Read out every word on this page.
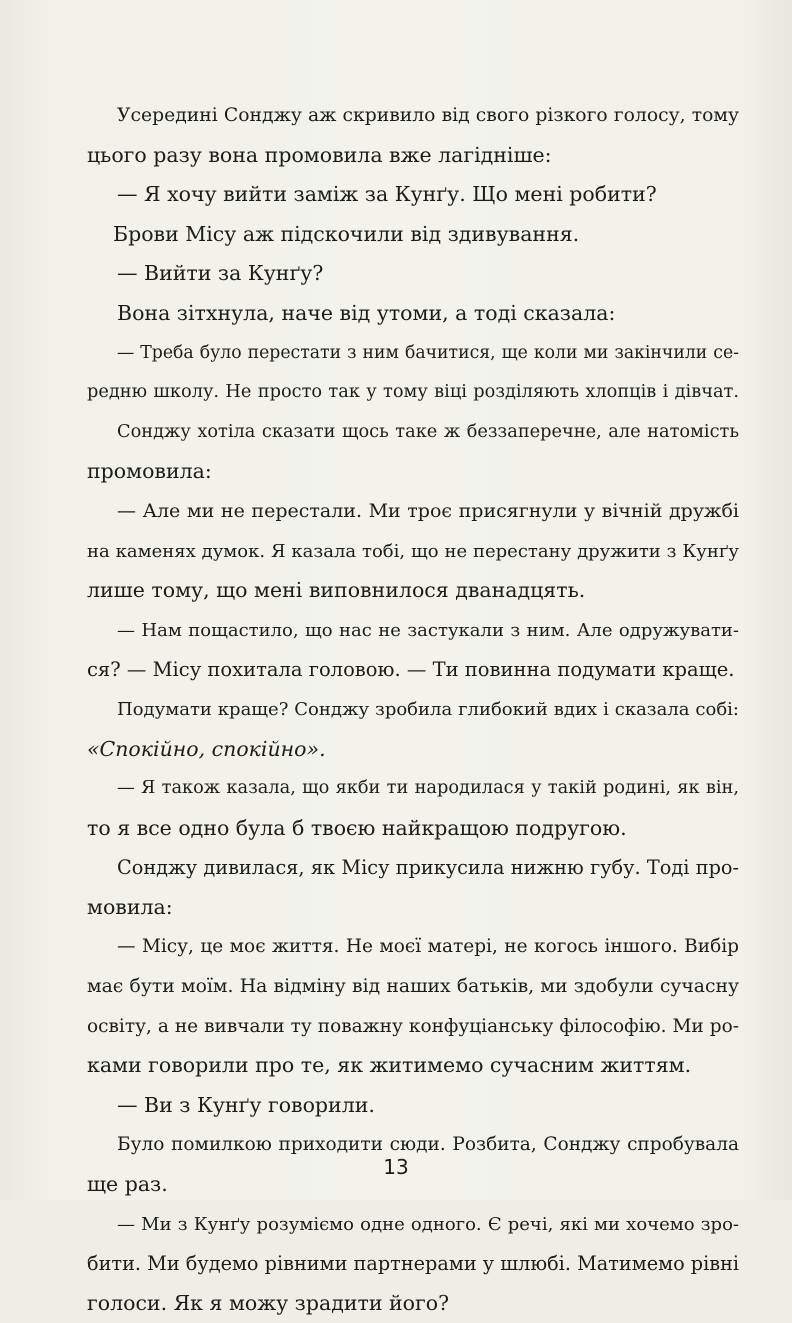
Усередині Сонджу аж скривило від свого різкого голосу, тому
цього разу вона промовила вже лагідніше:
— Я хочу вийти заміж за Кунґу. Що мені робити?
Брови Місу аж підскочили від здивування.
— Вийти за Кунґу?
Вона зітхнула, наче від утоми, а тоді сказала:
— Треба було перестати з ним бачитися, ще коли ми закінчили се-
редню школу. Не просто так у тому віці розділяють хлопців і дівчат.
Сонджу хотіла сказати щось таке ж беззаперечне, але натомість
промовила:
— Але ми не перестали. Ми троє присягнули у вічній дружбі
на каменях думок. Я казала тобі, що не перестану дружити з Кунґу
лише тому, що мені виповнилося дванадцять.
— Нам пощастило, що нас не застукали з ним. Але одружувати-
ся? — Місу похитала головою. — Ти повинна подумати краще.
Подумати краще? Сонджу зробила глибокий вдих і сказала собі:
«Спокійно, спокійно».
— Я також казала, що якби ти народилася у такій родині, як він,
то я все одно була б твоєю найкращою подругою.
Сонджу дивилася, як Місу прикусила нижню губу. Тоді про-
мовила:
— Місу, це моє життя. Не моєї матері, не когось іншого. Вибір
має бути моїм. На відміну від наших батьків, ми здобули сучасну
освіту, а не вивчали ту поважну конфуціанську філософію. Ми ро-
ками говорили про те, як житимемо сучасним життям.
— Ви з Кунґу говорили.
Було помилкою приходити сюди. Розбита, Сонджу спробувала
ще раз.
— Ми з Кунґу розуміємо одне одного. Є речі, які ми хочемо зро-
бити. Ми будемо рівними партнерами у шлюбі. Матимемо рівні
голоси. Як я можу зрадити його?
13
